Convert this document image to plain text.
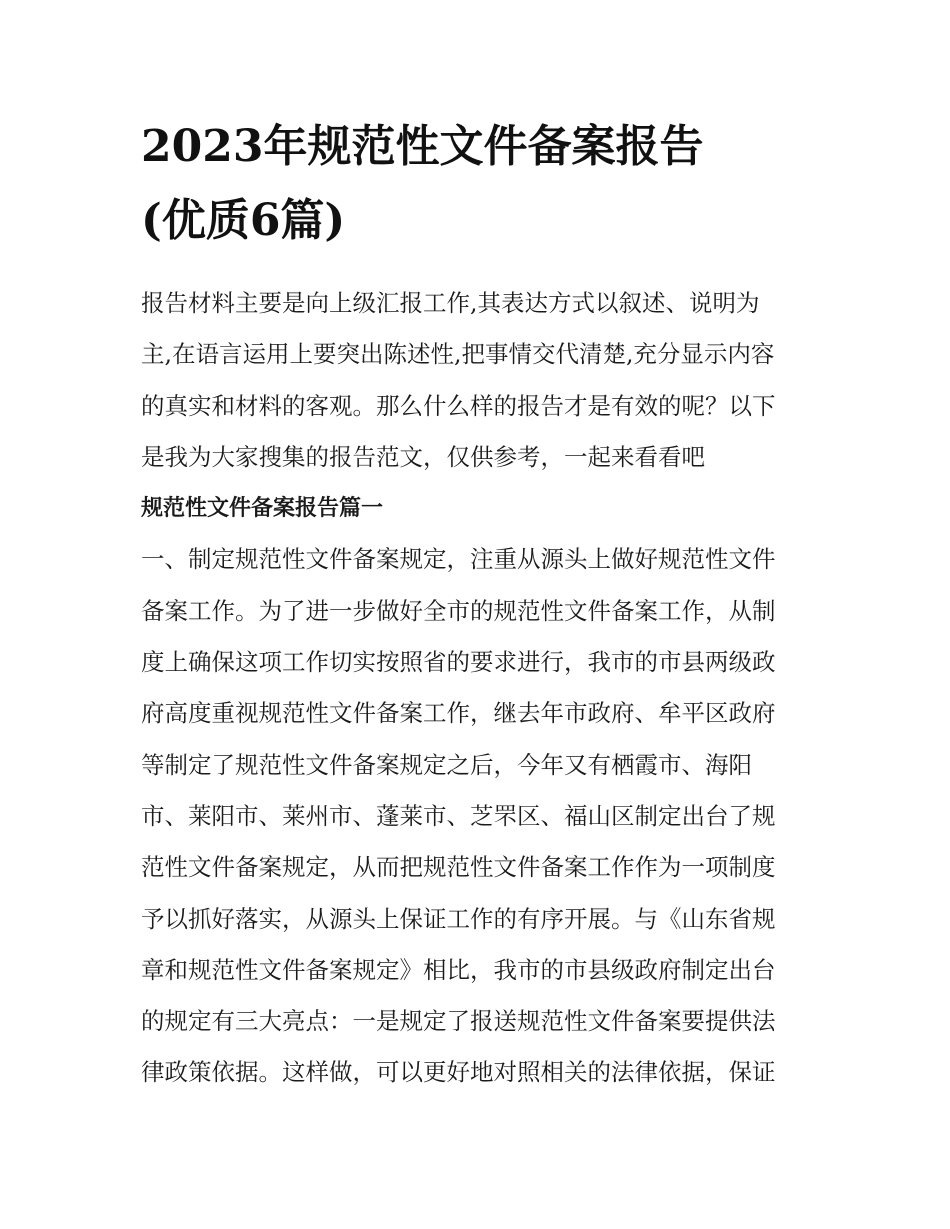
2023年规范性文件备案报告
(优质6篇)

报告材料主要是向上级汇报工作,其表达方式以叙述、说明为
主,在语言运用上要突出陈述性,把事情交代清楚,充分显示内容
的真实和材料的客观。那么什么样的报告才是有效的呢？以下
是我为大家搜集的报告范文，仅供参考，一起来看看吧

规范性文件备案报告篇一

一、制定规范性文件备案规定，注重从源头上做好规范性文件
备案工作。为了进一步做好全市的规范性文件备案工作，从制
度上确保这项工作切实按照省的要求进行，我市的市县两级政
府高度重视规范性文件备案工作，继去年市政府、牟平区政府
等制定了规范性文件备案规定之后，今年又有栖霞市、海阳
市、莱阳市、莱州市、蓬莱市、芝罘区、福山区制定出台了规
范性文件备案规定，从而把规范性文件备案工作作为一项制度
予以抓好落实，从源头上保证工作的有序开展。与《山东省规
章和规范性文件备案规定》相比，我市的市县级政府制定出台
的规定有三大亮点：一是规定了报送规范性文件备案要提供法
律政策依据。这样做，可以更好地对照相关的法律依据，保证
